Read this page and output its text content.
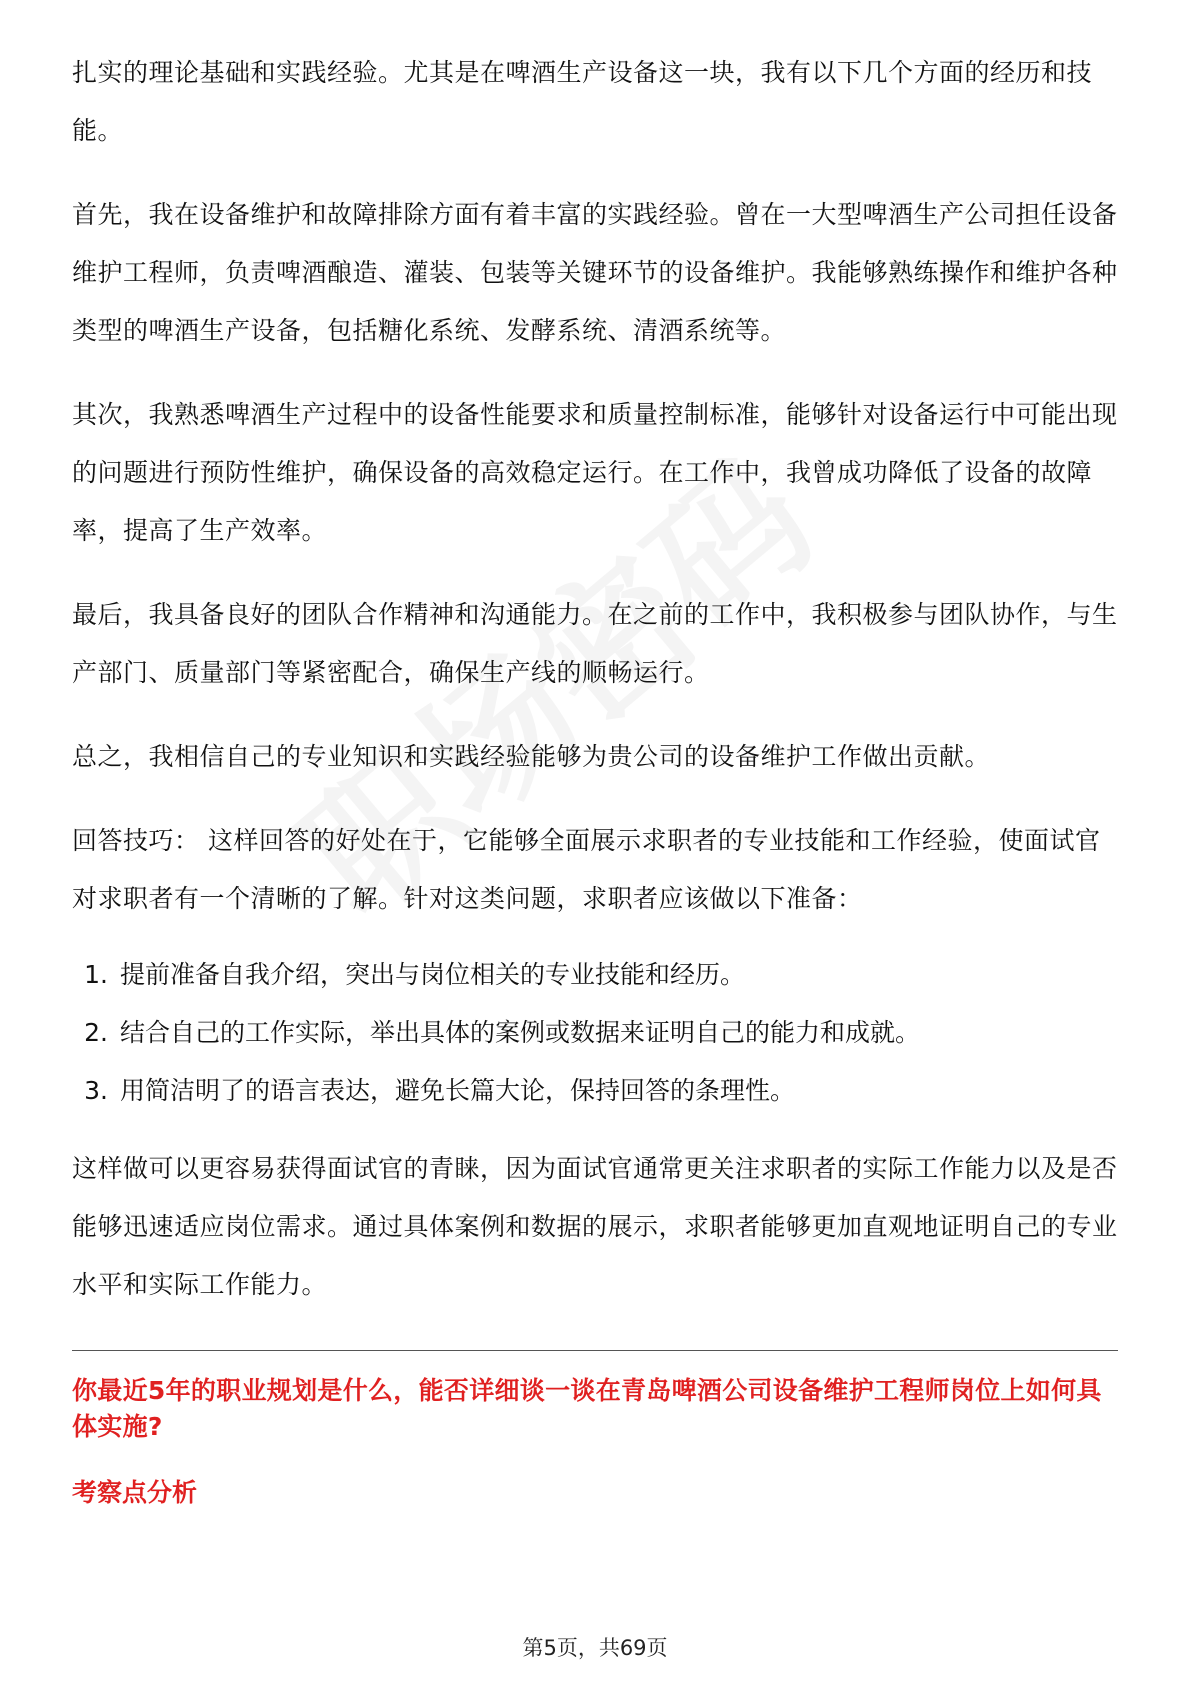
扎实的理论基础和实践经验。尤其是在啤酒生产设备这一块，我有以下几个方面的经历和技能。

首先，我在设备维护和故障排除方面有着丰富的实践经验。曾在一大型啤酒生产公司担任设备维护工程师，负责啤酒酿造、灌装、包装等关键环节的设备维护。我能够熟练操作和维护各种类型的啤酒生产设备，包括糖化系统、发酵系统、清酒系统等。

其次，我熟悉啤酒生产过程中的设备性能要求和质量控制标准，能够针对设备运行中可能出现的问题进行预防性维护，确保设备的高效稳定运行。在工作中，我曾成功降低了设备的故障率，提高了生产效率。

最后，我具备良好的团队合作精神和沟通能力。在之前的工作中，我积极参与团队协作，与生产部门、质量部门等紧密配合，确保生产线的顺畅运行。

总之，我相信自己的专业知识和实践经验能够为贵公司的设备维护工作做出贡献。

回答技巧： 这样回答的好处在于，它能够全面展示求职者的专业技能和工作经验，使面试官对求职者有一个清晰的了解。针对这类问题，求职者应该做以下准备：

1. 提前准备自我介绍，突出与岗位相关的专业技能和经历。
2. 结合自己的工作实际，举出具体的案例或数据来证明自己的能力和成就。
3. 用简洁明了的语言表达，避免长篇大论，保持回答的条理性。

这样做可以更容易获得面试官的青睐，因为面试官通常更关注求职者的实际工作能力以及是否能够迅速适应岗位需求。通过具体案例和数据的展示，求职者能够更加直观地证明自己的专业水平和实际工作能力。

你最近5年的职业规划是什么，能否详细谈一谈在青岛啤酒公司设备维护工程师岗位上如何具体实施?

考察点分析

第5页，共69页
